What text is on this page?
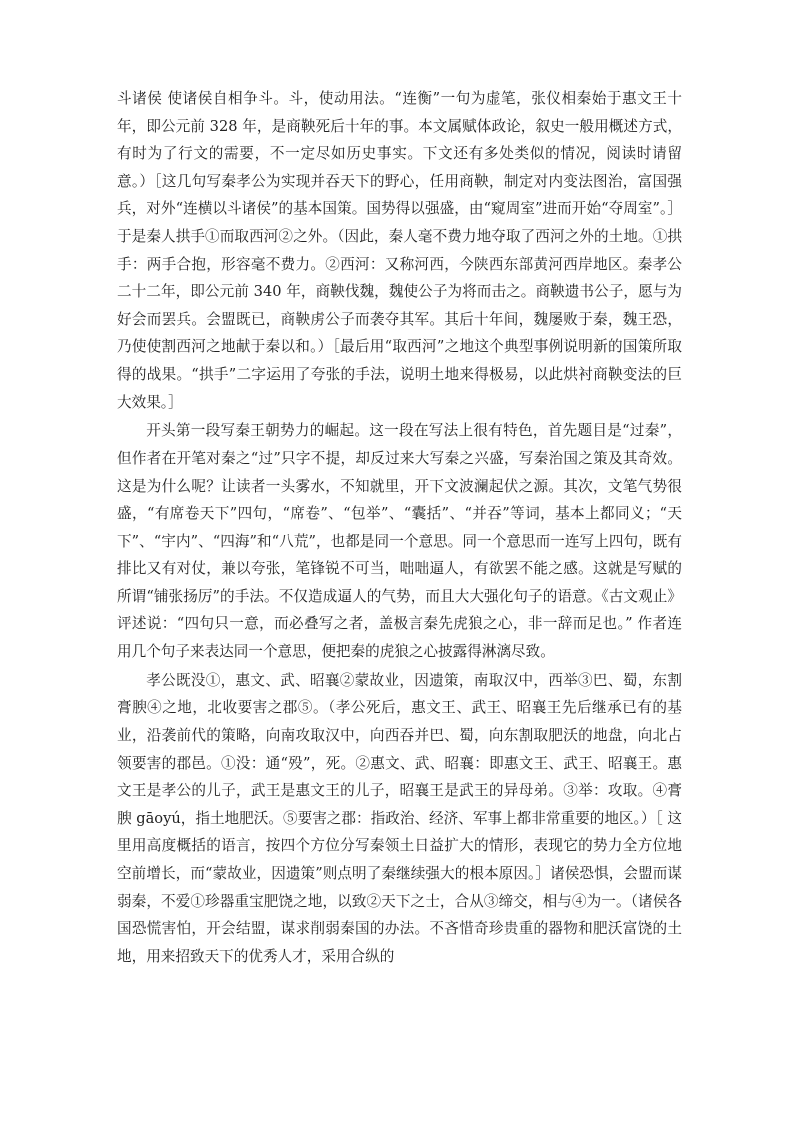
斗诸侯 使诸侯自相争斗。斗，使动用法。“连衡”一句为虚笔，张仪相秦始于惠文王十年，即公元前 328 年，是商鞅死后十年的事。本文属赋体政论，叙史一般用概述方式，有时为了行文的需要，不一定尽如历史事实。下文还有多处类似的情况，阅读时请留意。）［这几句写秦孝公为实现并吞天下的野心，任用商鞅，制定对内变法图治，富国强兵，对外“连横以斗诸侯”的基本国策。国势得以强盛，由“窥周室”进而开始“夺周室”。］于是秦人拱手①而取西河②之外。（因此，秦人毫不费力地夺取了西河之外的土地。①拱手：两手合抱，形容毫不费力。②西河：又称河西，今陕西东部黄河西岸地区。秦孝公二十二年，即公元前 340 年，商鞅伐魏，魏使公子为将而击之。商鞅遗书公子，愿与为好会而罢兵。会盟既已，商鞅虏公子而袭夺其军。其后十年间，魏屡败于秦，魏王恐，乃使使割西河之地献于秦以和。）［最后用“取西河”之地这个典型事例说明新的国策所取得的战果。“拱手”二字运用了夸张的手法，说明土地来得极易，以此烘衬商鞅变法的巨大效果。］

开头第一段写秦王朝势力的崛起。这一段在写法上很有特色，首先题目是“过秦”，但作者在开笔对秦之“过”只字不提，却反过来大写秦之兴盛，写秦治国之策及其奇效。这是为什么呢？让读者一头雾水，不知就里，开下文波澜起伏之源。其次，文笔气势很盛，“有席卷天下”四句，“席卷”、“包举”、“囊括”、“并吞”等词，基本上都同义；“天下”、“宇内”、“四海”和“八荒”，也都是同一个意思。同一个意思而一连写上四句，既有排比又有对仗，兼以夸张，笔锋锐不可当，咄咄逼人，有欲罢不能之感。这就是写赋的所谓“铺张扬厉”的手法。不仅造成逼人的气势，而且大大强化句子的语意。《古文观止》评述说：“四句只一意，而必叠写之者，盖极言秦先虎狼之心，非一辞而足也。” 作者连用几个句子来表达同一个意思，便把秦的虎狼之心披露得淋漓尽致。

孝公既没①，惠文、武、昭襄②蒙故业，因遗策，南取汉中，西举③巴、蜀，东割膏腴④之地，北收要害之郡⑤。（孝公死后，惠文王、武王、昭襄王先后继承已有的基业，沿袭前代的策略，向南攻取汉中，向西吞并巴、蜀，向东割取肥沃的地盘，向北占领要害的郡邑。①没：通“殁”，死。②惠文、武、昭襄：即惠文王、武王、昭襄王。惠文王是孝公的儿子，武王是惠文王的儿子，昭襄王是武王的异母弟。③举：攻取。④膏腴 gāoyú，指土地肥沃。⑤要害之郡：指政治、经济、军事上都非常重要的地区。）［ 这里用高度概括的语言，按四个方位分写秦领土日益扩大的情形，表现它的势力全方位地空前增长，而“蒙故业，因遗策”则点明了秦继续强大的根本原因。］诸侯恐惧，会盟而谋弱秦，不爱①珍器重宝肥饶之地，以致②天下之士，合从③缔交，相与④为一。（诸侯各国恐慌害怕，开会结盟，谋求削弱秦国的办法。不吝惜奇珍贵重的器物和肥沃富饶的土地，用来招致天下的优秀人才，采用合纵的
